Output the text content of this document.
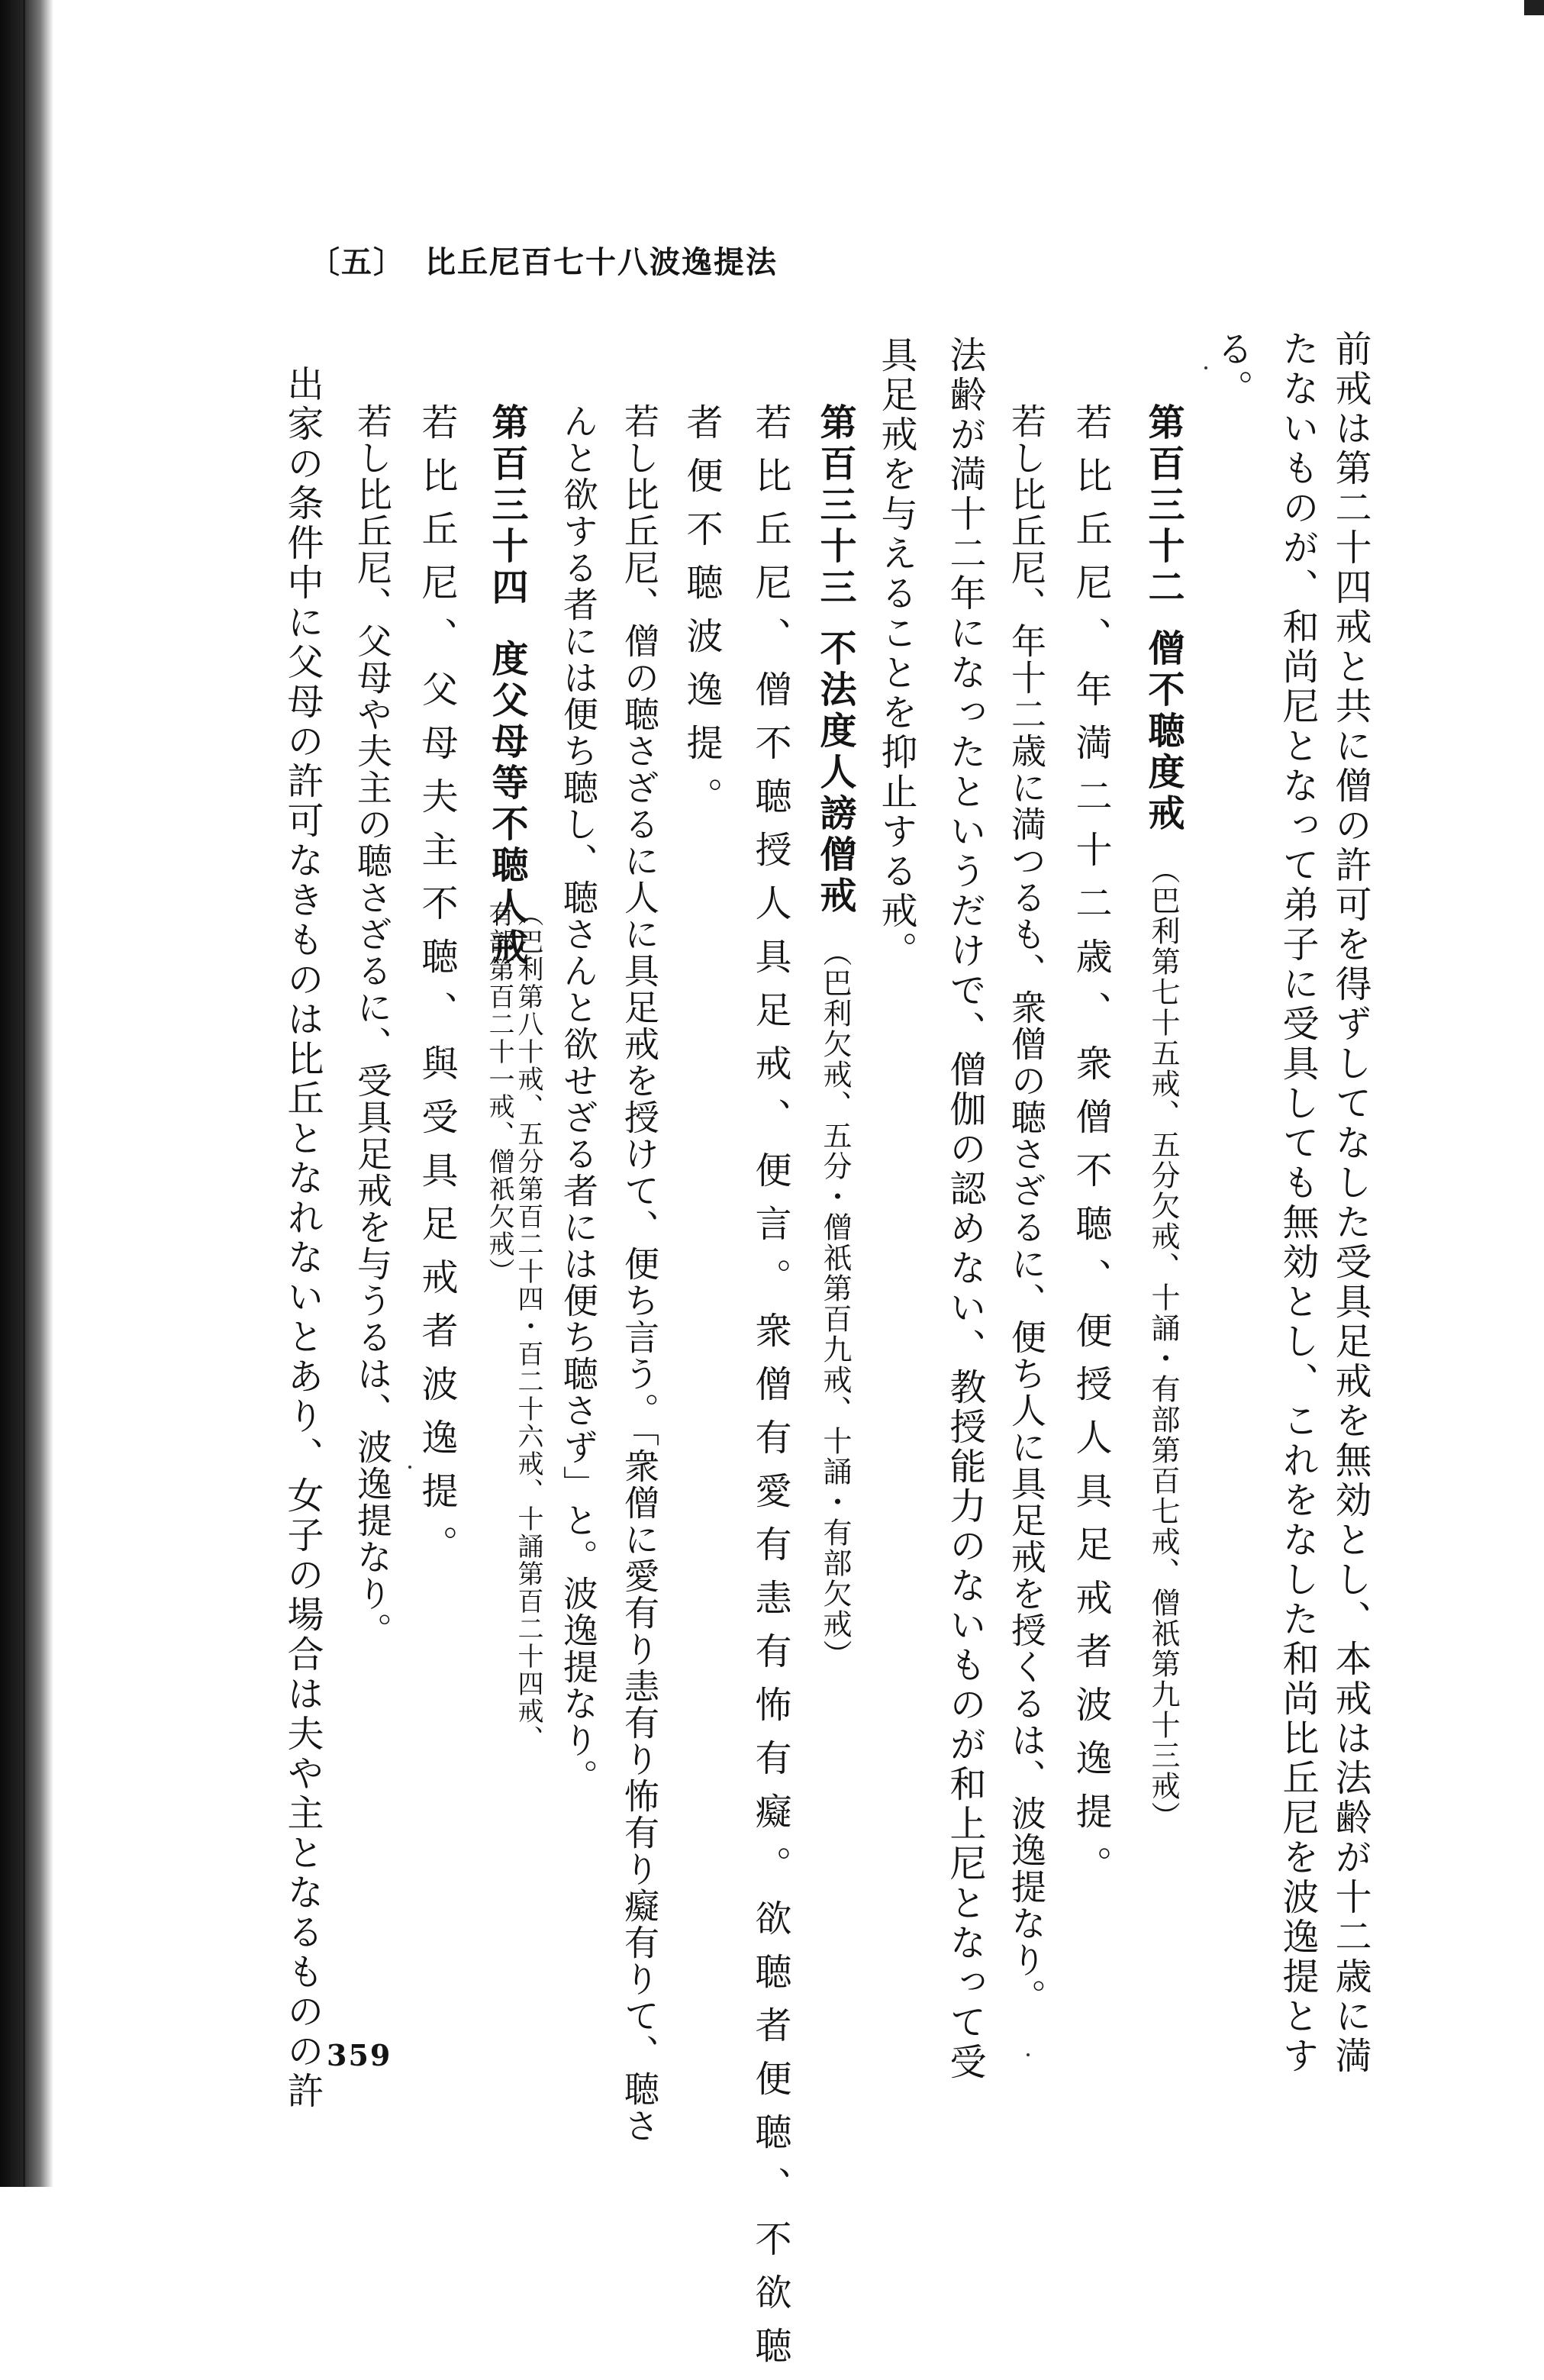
〔五〕 比丘尼百七十八波逸提法
前戒は第二十四戒と共に僧の許可を得ずしてなした受具足戒を無効とし、本戒は法齢が十二歳に満
たないものが、和尚尼となって弟子に受具しても無効とし、これをなした和尚比丘尼を波逸提とす
る。
第百三十二僧不聴度戒（巴利第七十五戒、五分欠戒、十誦・有部第百七戒、僧祇第九十三戒）
若比丘尼、年満二十二歳、衆僧不聴、便授人具足戒者波逸提。
若し比丘尼、年十二歳に満つるも、衆僧の聴さざるに、便ち人に具足戒を授くるは、波逸提なり。
法齢が満十二年になったというだけで、僧伽の認めない、教授能力のないものが和上尼となって受
具足戒を与えることを抑止する戒。
第百三十三不法度人謗僧戒（巴利欠戒、五分・僧祇第百九戒、十誦・有部欠戒）
若比丘尼、僧不聴授人具足戒、便言。衆僧有愛有恚有怖有癡。欲聴者便聴、不欲聴
者便不聴波逸提。
若し比丘尼、僧の聴さざるに人に具足戒を授けて、便ち言う。「衆僧に愛有り恚有り怖有り癡有りて、聴さ
んと欲する者には便ち聴し、聴さんと欲せざる者には便ち聴さず」と。波逸提なり。
第百三十四度父母等不聴人戒
（巴利第八十戒、五分第百二十四・百二十六戒、十誦第百二十四戒、
有部第百二十一戒、僧祇欠戒）
若比丘尼、父母夫主不聴、與受具足戒者波逸提。
若し比丘尼、父母や夫主の聴さざるに、受具足戒を与うるは、波逸提なり。
出家の条件中に父母の許可なきものは比丘となれないとあり、女子の場合は夫や主となるものの許 359
